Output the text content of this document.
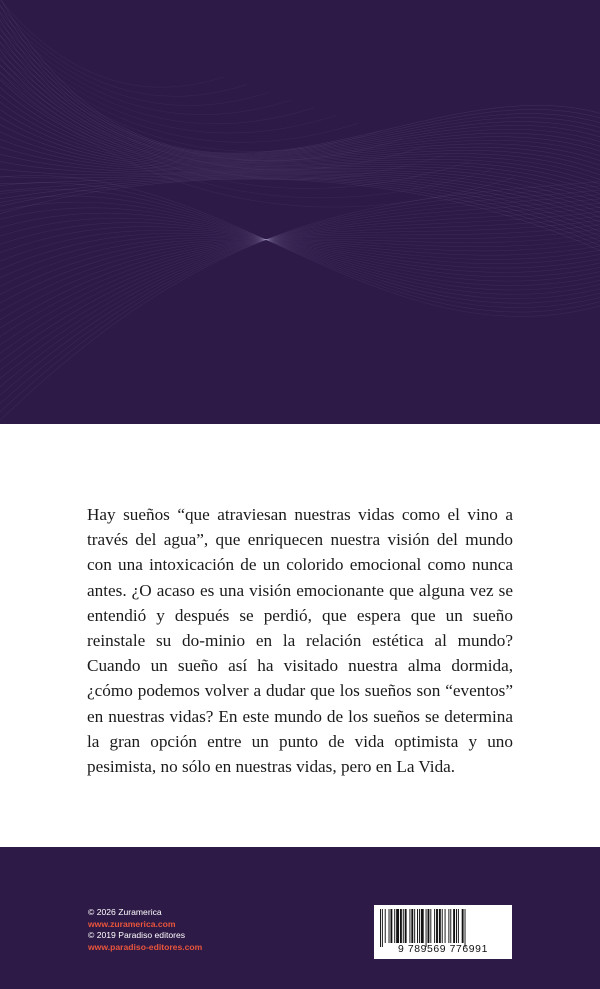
Hay sueños “que atraviesan nuestras vidas como el vino a través del agua”, que enriquecen nuestra visión del mundo con una intoxicación de un colorido emocional como nunca antes. ¿O acaso es una visión emocionante que alguna vez se entendió y después se perdió, que espera que un sueño reinstale su do-minio en la relación estética al mundo? Cuando un sueño así ha visitado nuestra alma dormida, ¿cómo podemos volver a dudar que los sueños son “eventos” en nuestras vidas? En este mundo de los sueños se determina la gran opción entre un punto de vida optimista y uno pesimista, no sólo en nuestras vidas, pero en La Vida.

© 2026 Zuramerica
www.zuramerica.com
© 2019 Paradiso editores
www.paradiso-editores.com	9 789569 776991
